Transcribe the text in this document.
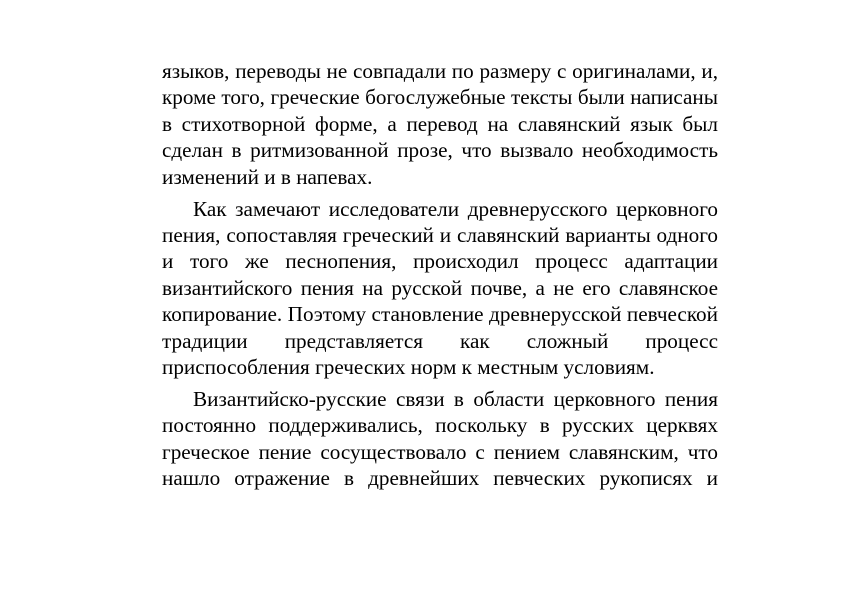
языков, переводы не совпадали по размеру с оригиналами, и, кроме того, греческие богослужебные тексты были написаны в стихотворной форме, а перевод на славянский язык был сделан в ритмизованной прозе, что вызвало необходимость изменений и в напевах.

Как замечают исследователи древнерусского церковного пения, сопоставляя греческий и славянский варианты одного и того же песнопения, происходил процесс адаптации византийского пения на русской почве, а не его славянское копирование. Поэтому становление древнерусской певческой традиции представляется как сложный процесс приспособления греческих норм к местным условиям.

Византийско-русские связи в области церковного пения постоянно поддерживались, поскольку в русских церквях греческое пение сосуществовало с пением славянским, что нашло отражение в древнейших певческих рукописях и
